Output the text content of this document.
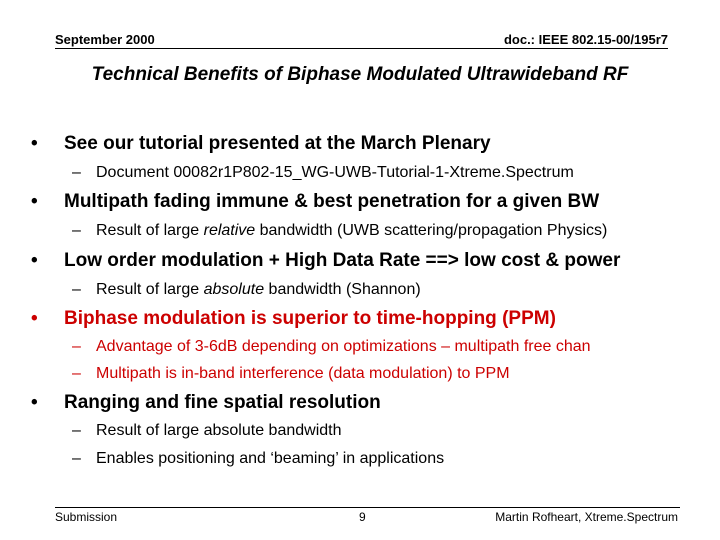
September 2000	doc.: IEEE 802.15-00/195r7
Technical Benefits of Biphase Modulated Ultrawideband RF
• See our tutorial presented at the March Plenary
– Document 00082r1P802-15_WG-UWB-Tutorial-1-Xtreme.Spectrum
• Multipath fading immune & best penetration for a given BW
– Result of large relative bandwidth (UWB scattering/propagation Physics)
• Low order modulation + High Data Rate ==> low cost & power
– Result of large absolute bandwidth (Shannon)
• Biphase modulation is superior to time-hopping (PPM)
– Advantage of 3-6dB depending on optimizations – multipath free chan
– Multipath is in-band interference (data modulation) to PPM
• Ranging and fine spatial resolution
– Result of large absolute bandwidth
– Enables positioning and ‘beaming’ in applications
Submission	9	Martin Rofheart, Xtreme.Spectrum
